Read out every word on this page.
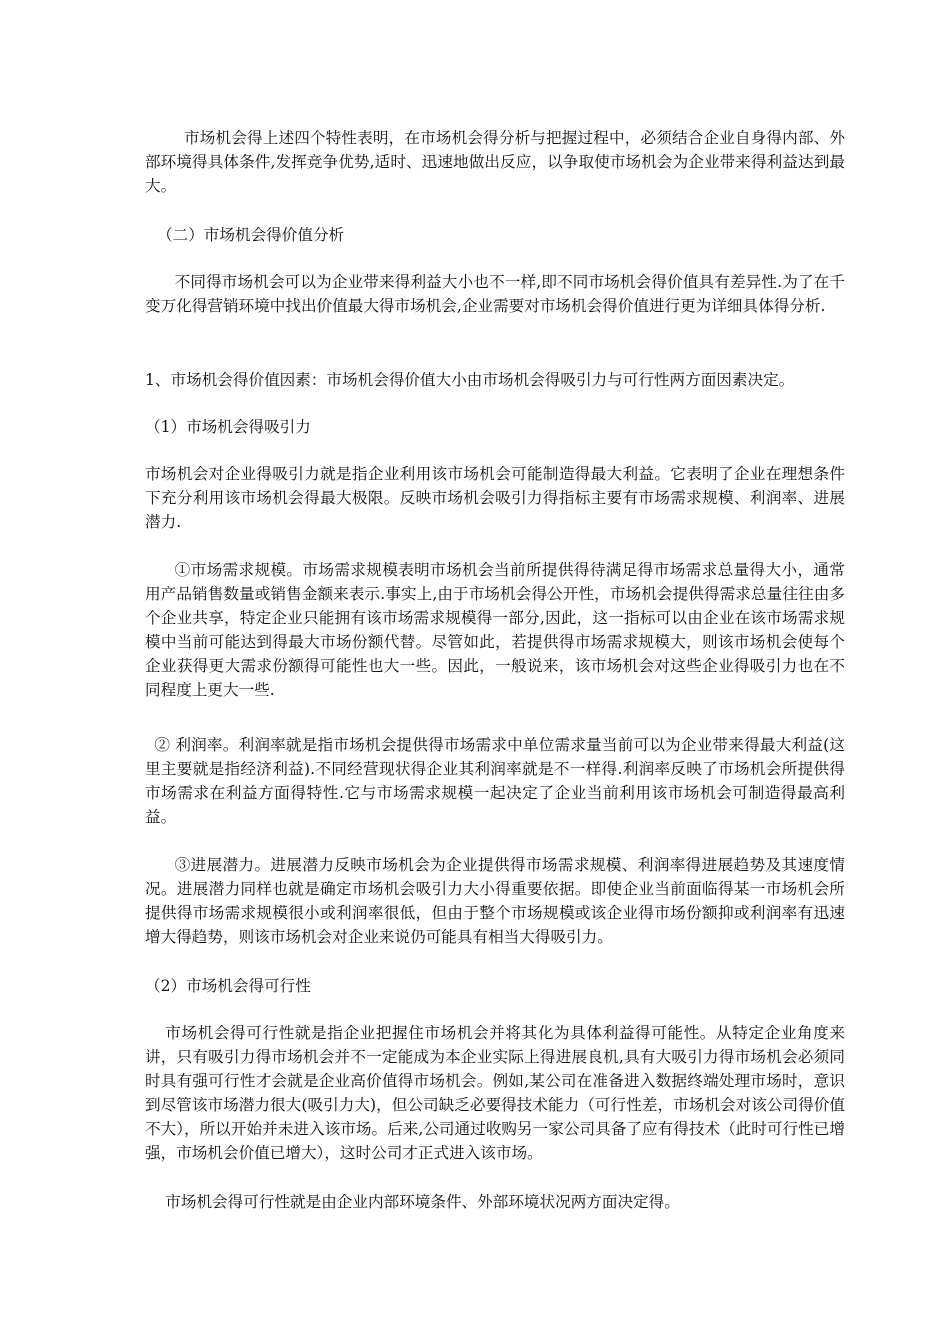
市场机会得上述四个特性表明，在市场机会得分析与把握过程中，必须结合企业自身得内部、外部环境得具体条件,发挥竞争优势,适时、迅速地做出反应，以争取使市场机会为企业带来得利益达到最大。

（二）市场机会得价值分析

不同得市场机会可以为企业带来得利益大小也不一样,即不同市场机会得价值具有差异性.为了在千变万化得营销环境中找出价值最大得市场机会,企业需要对市场机会得价值进行更为详细具体得分析.

1、市场机会得价值因素：市场机会得价值大小由市场机会得吸引力与可行性两方面因素决定。

（1）市场机会得吸引力

市场机会对企业得吸引力就是指企业利用该市场机会可能制造得最大利益。它表明了企业在理想条件下充分利用该市场机会得最大极限。反映市场机会吸引力得指标主要有市场需求规模、利润率、进展潜力.

①市场需求规模。市场需求规模表明市场机会当前所提供得待满足得市场需求总量得大小，通常用产品销售数量或销售金额来表示.事实上,由于市场机会得公开性，市场机会提供得需求总量往往由多个企业共享，特定企业只能拥有该市场需求规模得一部分,因此，这一指标可以由企业在该市场需求规模中当前可能达到得最大市场份额代替。尽管如此，若提供得市场需求规模大，则该市场机会使每个企业获得更大需求份额得可能性也大一些。因此，一般说来，该市场机会对这些企业得吸引力也在不同程度上更大一些.

② 利润率。利润率就是指市场机会提供得市场需求中单位需求量当前可以为企业带来得最大利益(这里主要就是指经济利益).不同经营现状得企业其利润率就是不一样得.利润率反映了市场机会所提供得市场需求在利益方面得特性.它与市场需求规模一起决定了企业当前利用该市场机会可制造得最高利益。

③进展潜力。进展潜力反映市场机会为企业提供得市场需求规模、利润率得进展趋势及其速度情况。进展潜力同样也就是确定市场机会吸引力大小得重要依据。即使企业当前面临得某一市场机会所提供得市场需求规模很小或利润率很低，但由于整个市场规模或该企业得市场份额抑或利润率有迅速增大得趋势，则该市场机会对企业来说仍可能具有相当大得吸引力。

（2）市场机会得可行性

市场机会得可行性就是指企业把握住市场机会并将其化为具体利益得可能性。从特定企业角度来讲，只有吸引力得市场机会并不一定能成为本企业实际上得进展良机,具有大吸引力得市场机会必须同时具有强可行性才会就是企业高价值得市场机会。例如,某公司在准备进入数据终端处理市场时，意识到尽管该市场潜力很大(吸引力大)，但公司缺乏必要得技术能力（可行性差，市场机会对该公司得价值不大），所以开始并未进入该市场。后来,公司通过收购另一家公司具备了应有得技术（此时可行性已增强，市场机会价值已增大），这时公司才正式进入该市场。

市场机会得可行性就是由企业内部环境条件、外部环境状况两方面决定得。
